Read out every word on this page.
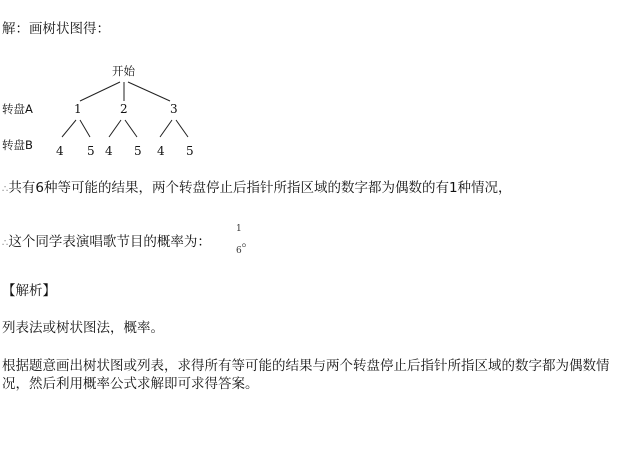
解：画树状图得：
开始
转盘A	1	2	3
转盘B 4 5 4 5 4 5
∴共有6种等可能的结果，两个转盘停止后指针所指区域的数字都为偶数的有1种情况，
∴这个同学表演唱歌节目的概率为： 。
1
6
【解析】
列表法或树状图法，概率。
根据题意画出树状图或列表，求得所有等可能的结果与两个转盘停止后指针所指区域的数字都为偶数情况，然后利用概率公式求解即可求得答案。
